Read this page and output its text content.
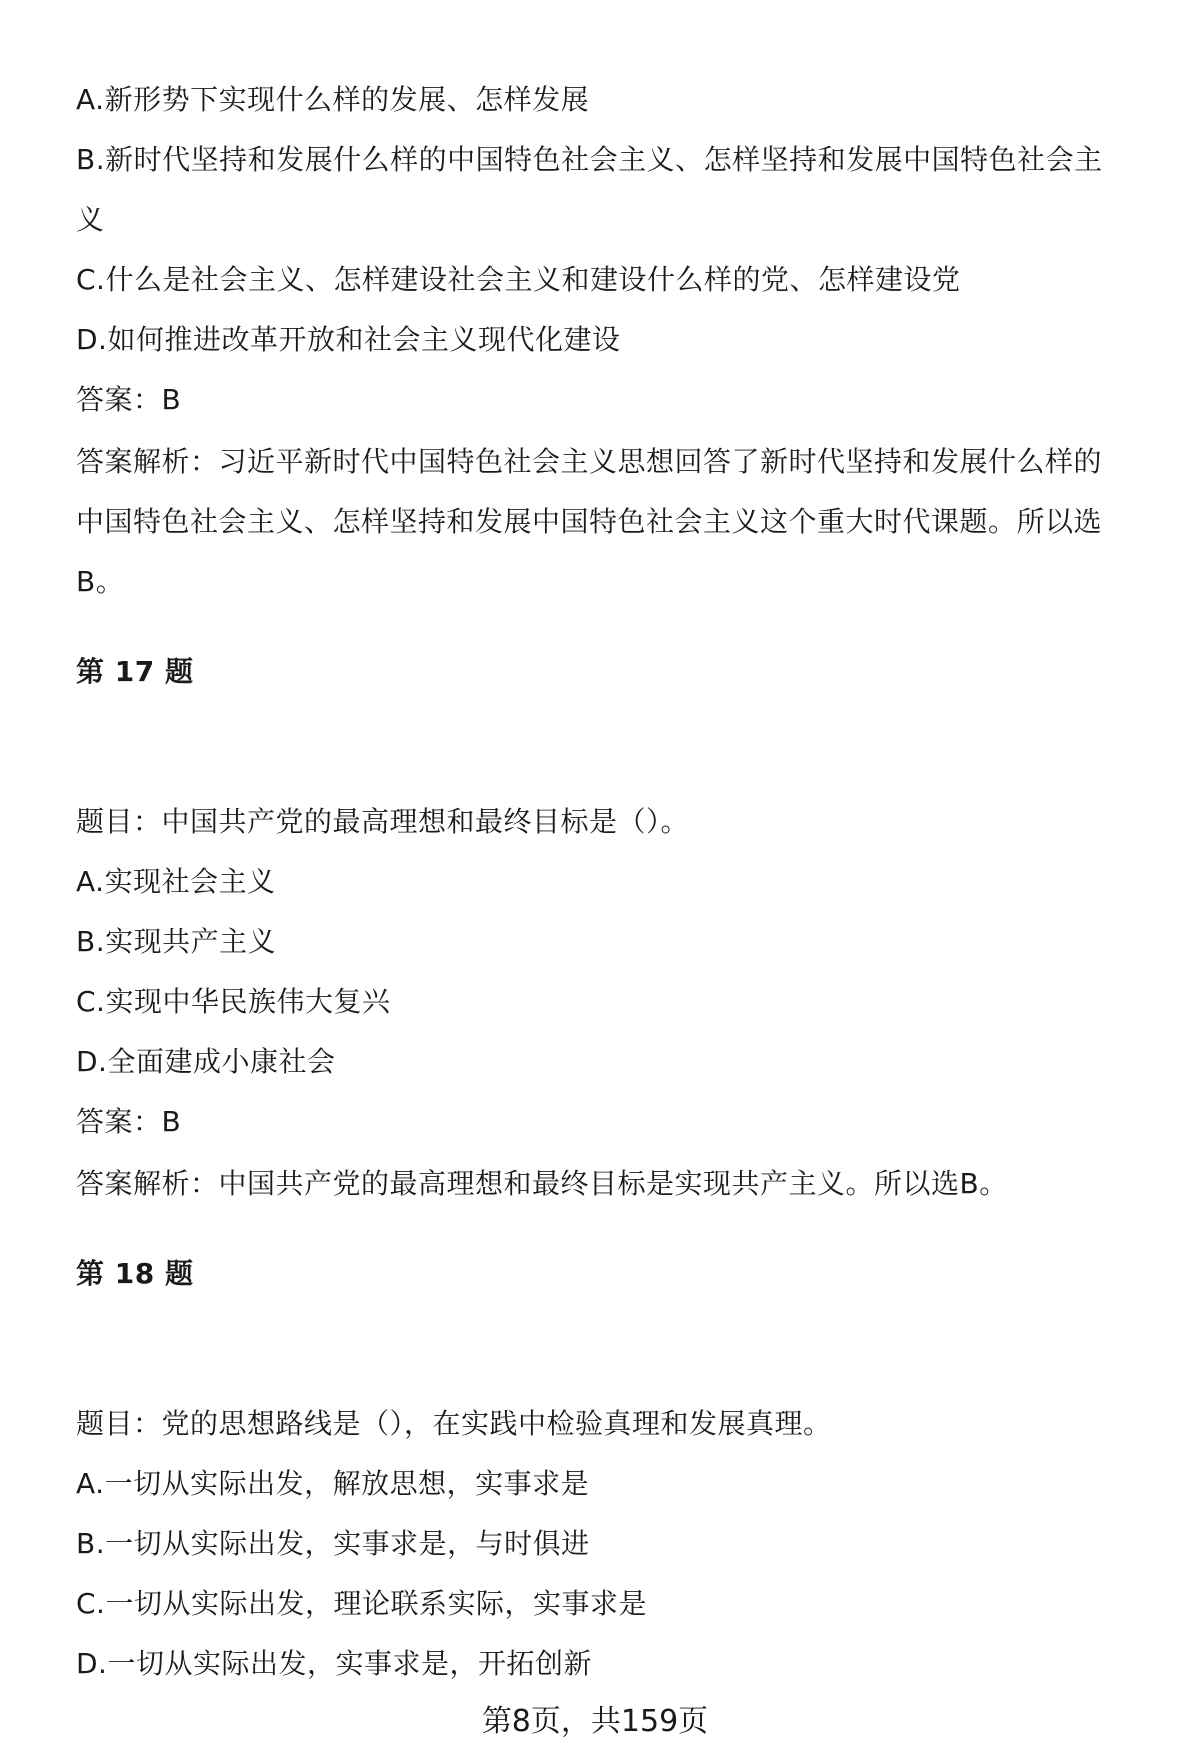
A.新形势下实现什么样的发展、怎样发展
B.新时代坚持和发展什么样的中国特色社会主义、怎样坚持和发展中国特色社会主
义
C.什么是社会主义、怎样建设社会主义和建设什么样的党、怎样建设党
D.如何推进改革开放和社会主义现代化建设
答案：B
答案解析：习近平新时代中国特色社会主义思想回答了新时代坚持和发展什么样的
中国特色社会主义、怎样坚持和发展中国特色社会主义这个重大时代课题。所以选
B。
第 17 题
题目：中国共产党的最高理想和最终目标是（）。
A.实现社会主义
B.实现共产主义
C.实现中华民族伟大复兴
D.全面建成小康社会
答案：B
答案解析：中国共产党的最高理想和最终目标是实现共产主义。所以选B。
第 18 题
题目：党的思想路线是（），在实践中检验真理和发展真理。
A.一切从实际出发，解放思想，实事求是
B.一切从实际出发，实事求是，与时俱进
C.一切从实际出发，理论联系实际，实事求是
D.一切从实际出发，实事求是，开拓创新
第8页，共159页
